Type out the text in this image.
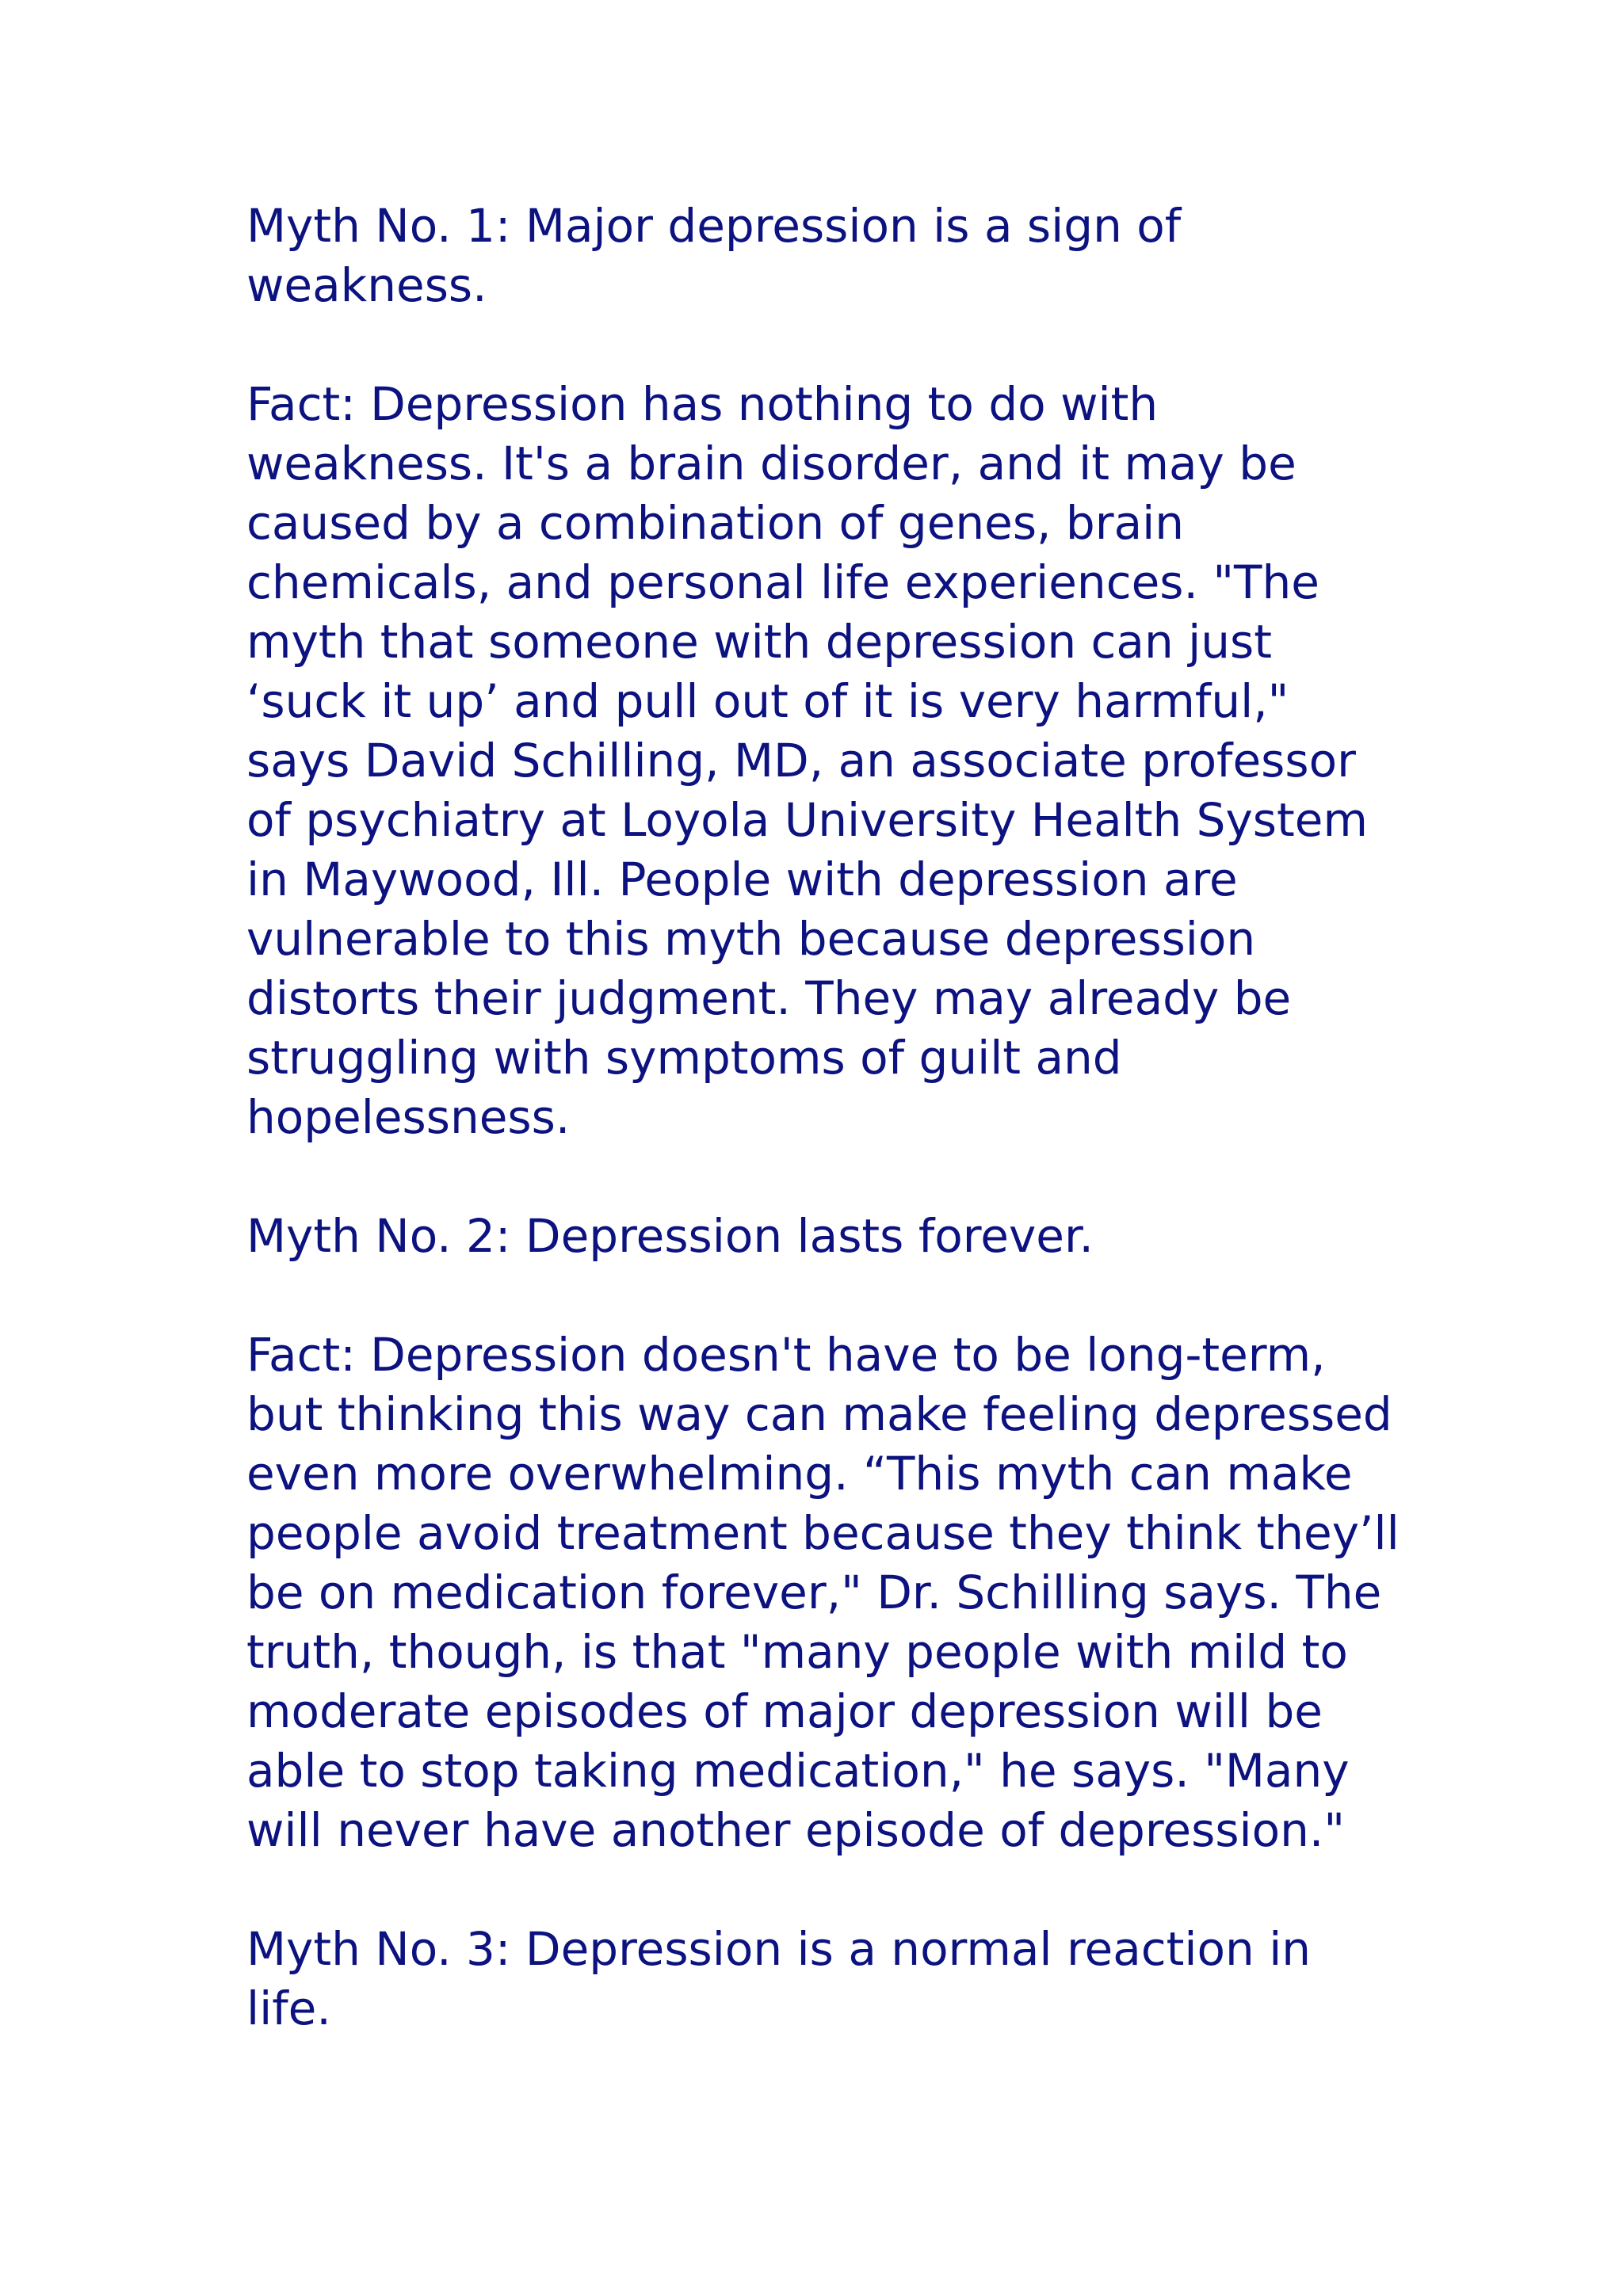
Myth No. 1: Major depression is a sign of weakness.

Fact: Depression has nothing to do with weakness. It's a brain disorder, and it may be caused by a combination of genes, brain chemicals, and personal life experiences. "The myth that someone with depression can just ‘suck it up’ and pull out of it is very harmful," says David Schilling, MD, an associate professor of psychiatry at Loyola University Health System in Maywood, Ill. People with depression are vulnerable to this myth because depression distorts their judgment. They may already be struggling with symptoms of guilt and hopelessness.

Myth No. 2: Depression lasts forever.

Fact: Depression doesn't have to be long-term, but thinking this way can make feeling depressed even more overwhelming. “This myth can make people avoid treatment because they think they’ll be on medication forever," Dr. Schilling says. The truth, though, is that "many people with mild to moderate episodes of major depression will be able to stop taking medication," he says. "Many will never have another episode of depression."

Myth No. 3: Depression is a normal reaction in life.
